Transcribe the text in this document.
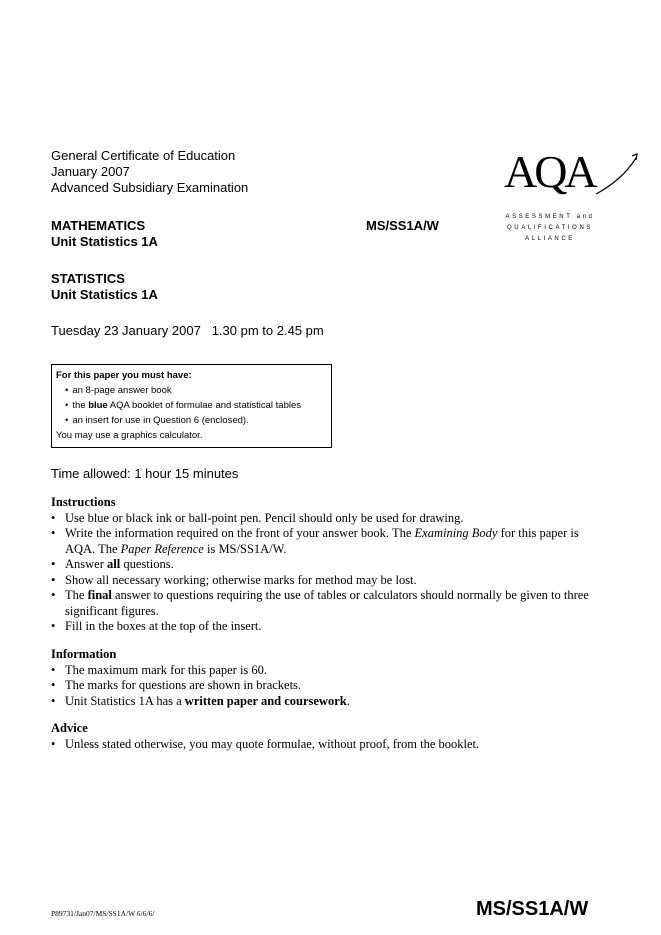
General Certificate of Education
January 2007
Advanced Subsidiary Examination
MATHEMATICS
Unit Statistics 1A
MS/SS1A/W
STATISTICS
Unit Statistics 1A
AQA
ASSESSMENT and
QUALIFICATIONS
ALLIANCE
Tuesday 23 January 2007 1.30 pm to 2.45 pm
For this paper you must have:
• an 8-page answer book
• the blue AQA booklet of formulae and statistical tables
• an insert for use in Question 6 (enclosed).
You may use a graphics calculator.
Time allowed: 1 hour 15 minutes
Instructions
• Use blue or black ink or ball-point pen. Pencil should only be used for drawing.
• Write the information required on the front of your answer book. The Examining Body for this paper is AQA. The Paper Reference is MS/SS1A/W.
• Answer all questions.
• Show all necessary working; otherwise marks for method may be lost.
• The final answer to questions requiring the use of tables or calculators should normally be given to three significant figures.
• Fill in the boxes at the top of the insert.
Information
• The maximum mark for this paper is 60.
• The marks for questions are shown in brackets.
• Unit Statistics 1A has a written paper and coursework.
Advice
• Unless stated otherwise, you may quote formulae, without proof, from the booklet.
P89731/Jan07/MS/SS1A/W 6/6/6/	MS/SS1A/W
